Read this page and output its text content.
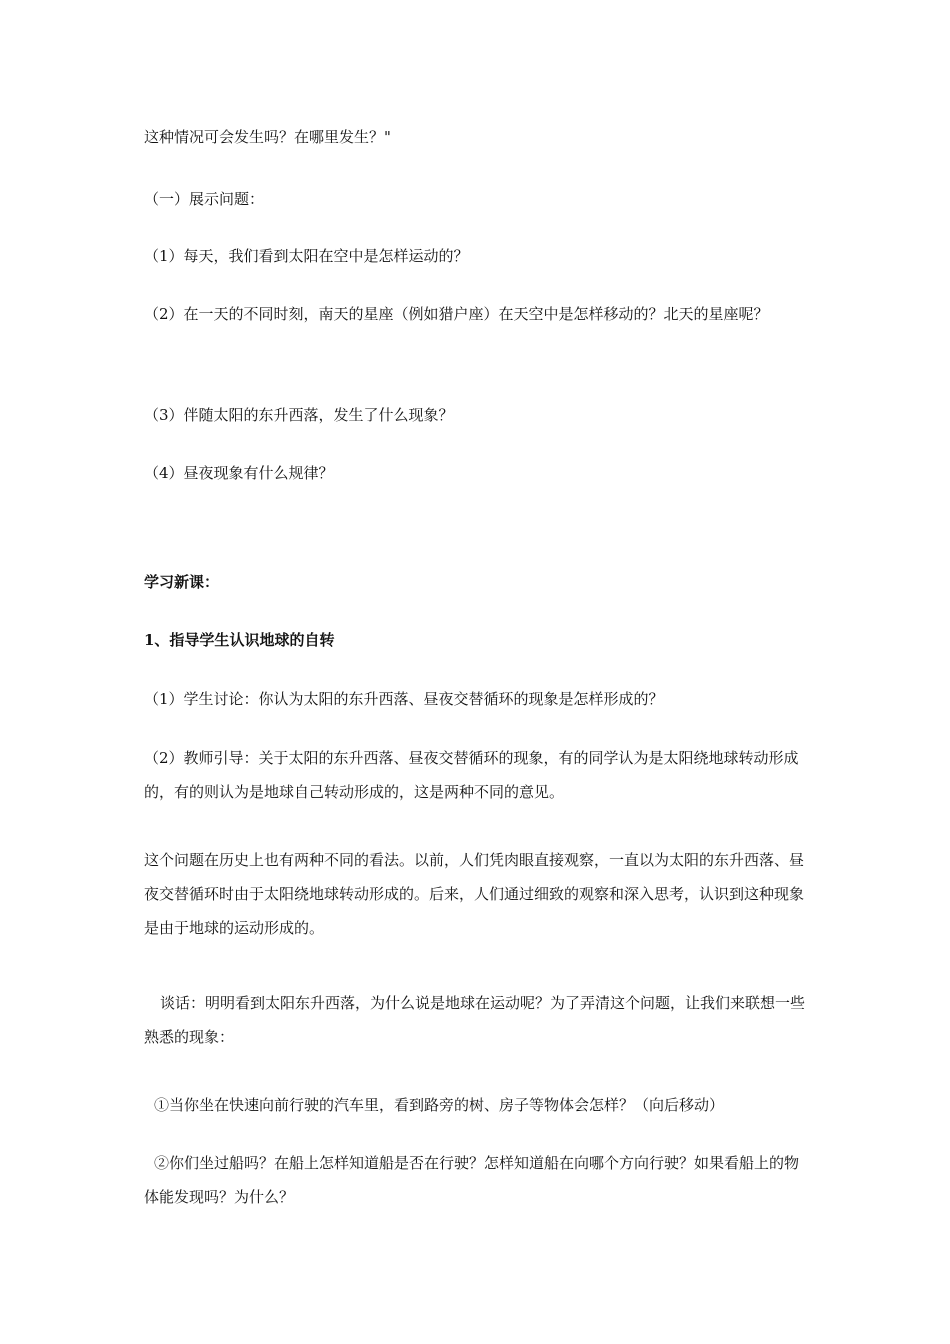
这种情况可会发生吗？在哪里发生？"

（一）展示问题：

（1）每天，我们看到太阳在空中是怎样运动的？

（2）在一天的不同时刻，南天的星座（例如猎户座）在天空中是怎样移动的？北天的星座呢？

（3）伴随太阳的东升西落，发生了什么现象？

（4）昼夜现象有什么规律？

学习新课：

1、指导学生认识地球的自转

（1）学生讨论：你认为太阳的东升西落、昼夜交替循环的现象是怎样形成的？

（2）教师引导：关于太阳的东升西落、昼夜交替循环的现象，有的同学认为是太阳绕地球转动形成的，有的则认为是地球自己转动形成的，这是两种不同的意见。

这个问题在历史上也有两种不同的看法。以前，人们凭肉眼直接观察，一直以为太阳的东升西落、昼夜交替循环时由于太阳绕地球转动形成的。后来，人们通过细致的观察和深入思考，认识到这种现象是由于地球的运动形成的。

谈话：明明看到太阳东升西落，为什么说是地球在运动呢？为了弄清这个问题，让我们来联想一些熟悉的现象：

①当你坐在快速向前行驶的汽车里，看到路旁的树、房子等物体会怎样？（向后移动）

②你们坐过船吗？在船上怎样知道船是否在行驶？怎样知道船在向哪个方向行驶？如果看船上的物体能发现吗？为什么？
